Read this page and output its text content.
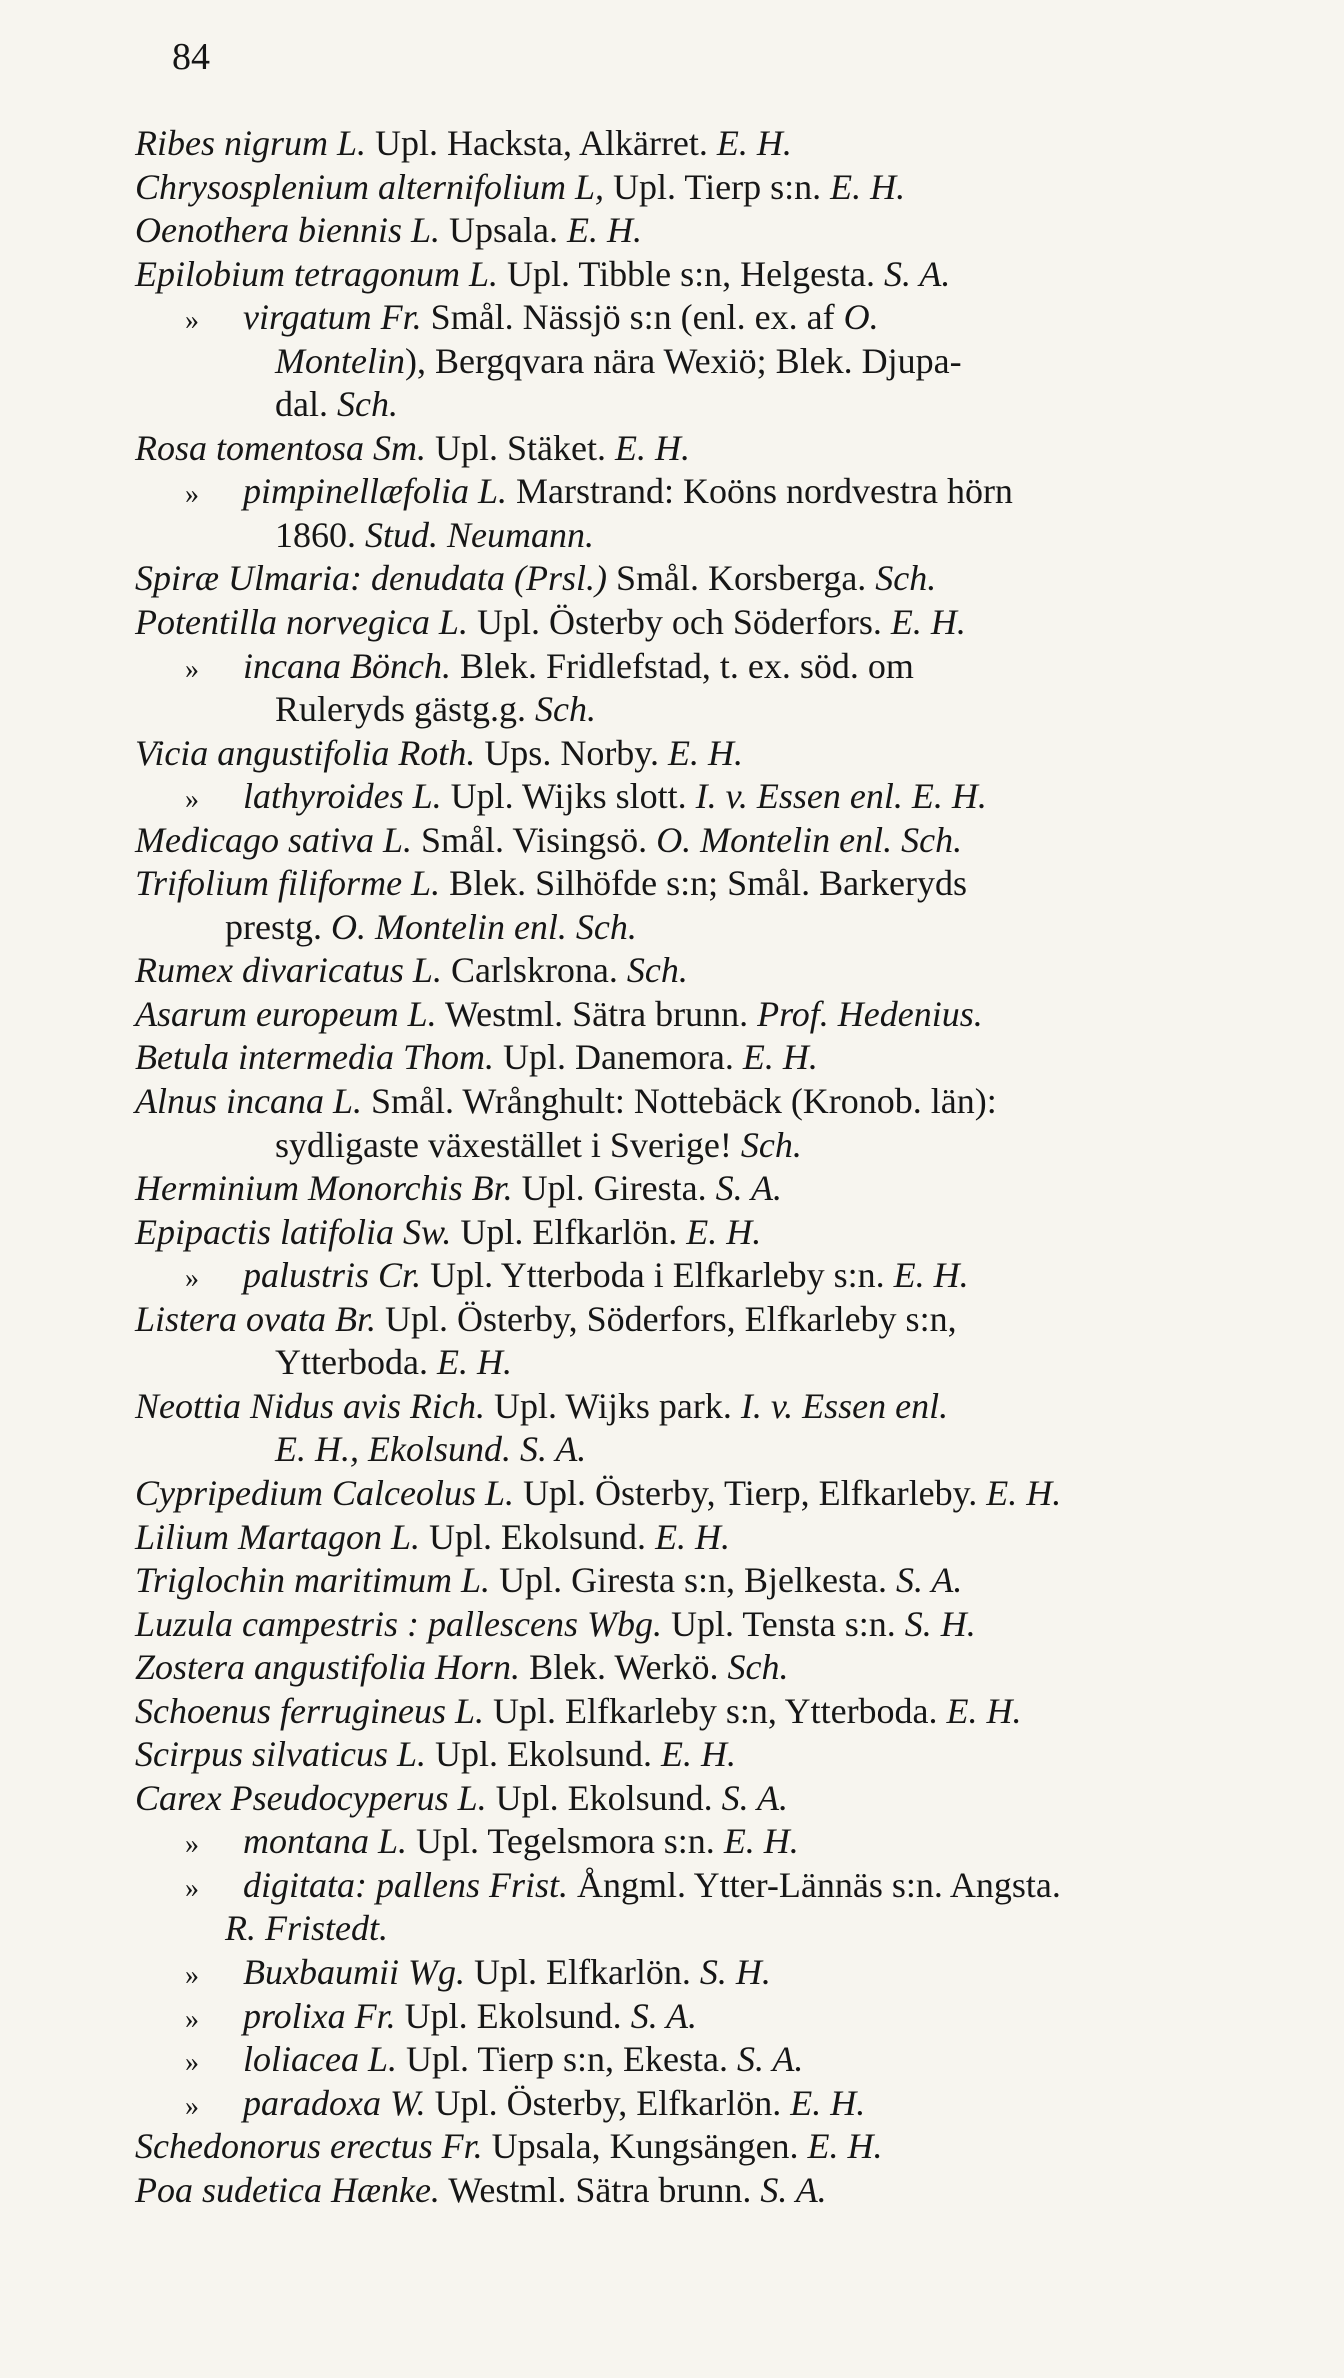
84
Ribes nigrum L. Upl. Hacksta, Alkärret. E. H.
Chrysosplenium alternifolium L, Upl. Tierp s:n. E. H.
Oenothera biennis L. Upsala. E. H.
Epilobium tetragonum L. Upl. Tibble s:n, Helgesta. S. A.
» virgatum Fr. Smål. Nässjö s:n (enl. ex. af O.
Montelin), Bergqvara nära Wexiö; Blek. Djupa-
dal. Sch.
Rosa tomentosa Sm. Upl. Stäket. E. H.
» pimpinellæfolia L. Marstrand: Koöns nordvestra hörn
1860. Stud. Neumann.
Spiræ Ulmaria: denudata (Prsl.) Smål. Korsberga. Sch.
Potentilla norvegica L. Upl. Österby och Söderfors. E. H.
» incana Bönch. Blek. Fridlefstad, t. ex. söd. om
Ruleryds gästg.g. Sch.
Vicia angustifolia Roth. Ups. Norby. E. H.
» lathyroides L. Upl. Wijks slott. I. v. Essen enl. E. H.
Medicago sativa L. Smål. Visingsö. O. Montelin enl. Sch.
Trifolium filiforme L. Blek. Silhöfde s:n; Smål. Barkeryds
prestg. O. Montelin enl. Sch.
Rumex divaricatus L. Carlskrona. Sch.
Asarum europeum L. Westml. Sätra brunn. Prof. Hedenius.
Betula intermedia Thom. Upl. Danemora. E. H.
Alnus incana L. Smål. Wrånghult: Nottebäck (Kronob. län):
sydligaste växestället i Sverige! Sch.
Herminium Monorchis Br. Upl. Giresta. S. A.
Epipactis latifolia Sw. Upl. Elfkarlön. E. H.
» palustris Cr. Upl. Ytterboda i Elfkarleby s:n. E. H.
Listera ovata Br. Upl. Österby, Söderfors, Elfkarleby s:n,
Ytterboda. E. H.
Neottia Nidus avis Rich. Upl. Wijks park. I. v. Essen enl.
E. H., Ekolsund. S. A.
Cypripedium Calceolus L. Upl. Österby, Tierp, Elfkarleby. E. H.
Lilium Martagon L. Upl. Ekolsund. E. H.
Triglochin maritimum L. Upl. Giresta s:n, Bjelkesta. S. A.
Luzula campestris : pallescens Wbg. Upl. Tensta s:n. S. H.
Zostera angustifolia Horn. Blek. Werkö. Sch.
Schoenus ferrugineus L. Upl. Elfkarleby s:n, Ytterboda. E. H.
Scirpus silvaticus L. Upl. Ekolsund. E. H.
Carex Pseudocyperus L. Upl. Ekolsund. S. A.
» montana L. Upl. Tegelsmora s:n. E. H.
» digitata: pallens Frist. Ångml. Ytter-Lännäs s:n. Angsta.
R. Fristedt.
» Buxbaumii Wg. Upl. Elfkarlön. S. H.
» prolixa Fr. Upl. Ekolsund. S. A.
» loliacea L. Upl. Tierp s:n, Ekesta. S. A.
» paradoxa W. Upl. Österby, Elfkarlön. E. H.
Schedonorus erectus Fr. Upsala, Kungsängen. E. H.
Poa sudetica Hænke. Westml. Sätra brunn. S. A.
